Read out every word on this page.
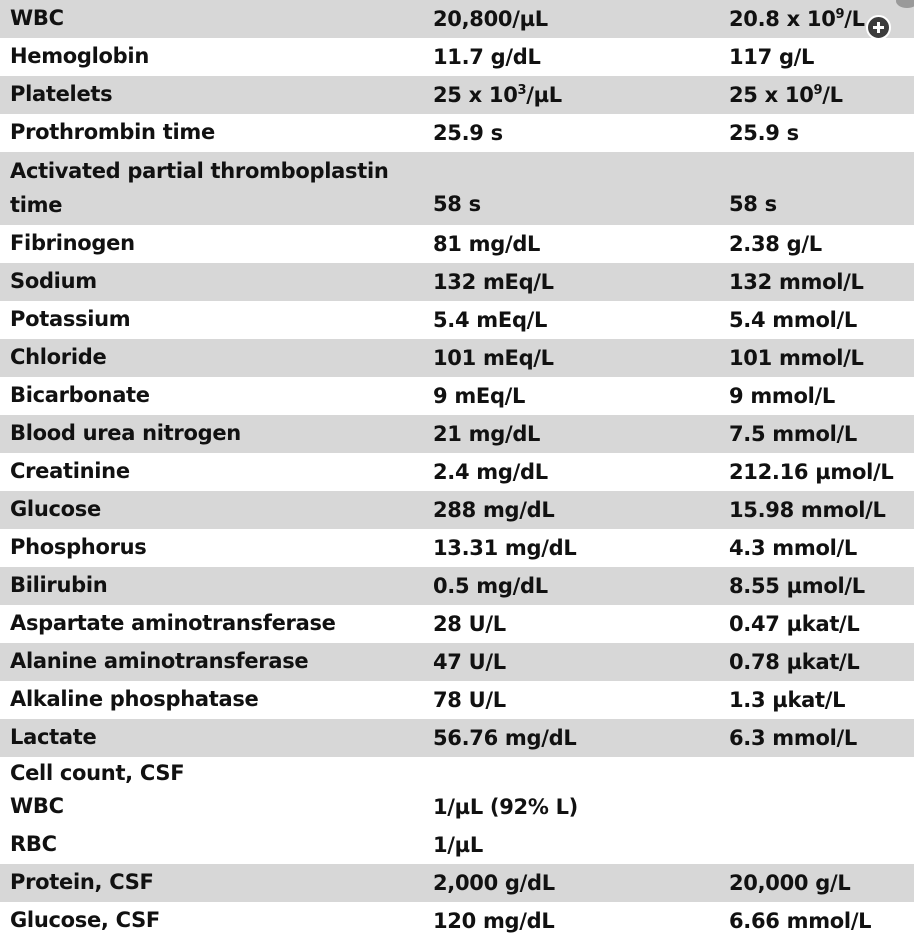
WBC	20,800/µL	20.8 x $10^9/L$
Hemoglobin	11.7 g/dL	117 g/L
Platelets	25 x $10^3/\mu L$	25 x $10^9/L$
Prothrombin time	25.9 s	25.9 s
Activated partial thromboplastin time	58 s	58 s
Fibrinogen	81 mg/dL	2.38 g/L
Sodium	132 mEq/L	132 mmol/L
Potassium	5.4 mEq/L	5.4 mmol/L
Chloride	101 mEq/L	101 mmol/L
Bicarbonate	9 mEq/L	9 mmol/L
Blood urea nitrogen	21 mg/dL	7.5 mmol/L
Creatinine	2.4 mg/dL	212.16 µmol/L
Glucose	288 mg/dL	15.98 mmol/L
Phosphorus	13.31 mg/dL	4.3 mmol/L
Bilirubin	0.5 mg/dL	8.55 µmol/L
Aspartate aminotransferase	28 U/L	0.47 µkat/L
Alanine aminotransferase	47 U/L	0.78 µkat/L
Alkaline phosphatase	78 U/L	1.3 µkat/L
Lactate	56.76 mg/dL	6.3 mmol/L
Cell count, CSF
WBC	1/µL (92% L)
RBC	1/µL
Protein, CSF	2,000 g/dL	20,000 g/L
Glucose, CSF	120 mg/dL	6.66 mmol/L
